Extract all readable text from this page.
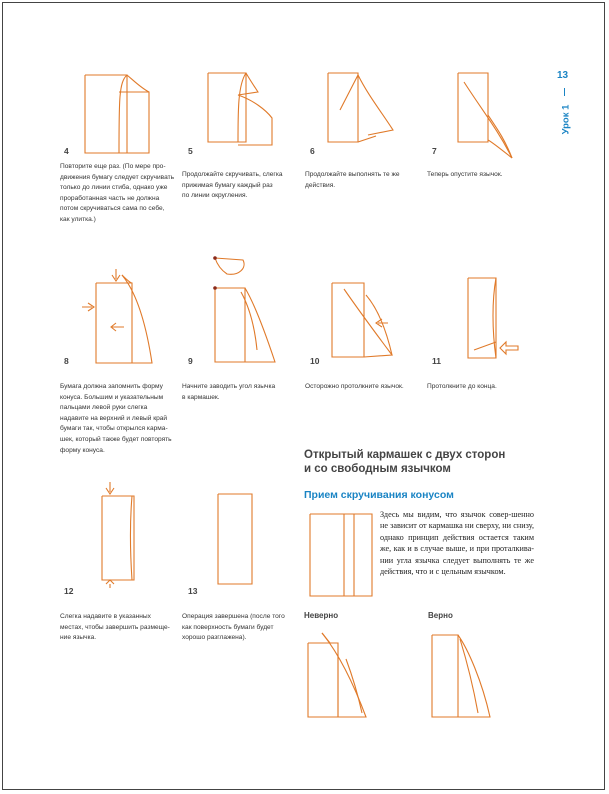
13
Урок 1
4
Повторите еще раз. (По мере про-
движения бумагу следует скручивать
только до линии стиба, однако уже
проработанная часть не должна
потом скручиваться сама по себе,
как улитка.)
5
Продолжайте скручивать, слегка
прижимая бумагу каждый раз
по линии округления.
6
Продолжайте выполнять те же
действия.
7
Теперь опустите язычок.
8
Бумага должна запомнить форму
конуса. Большим и указательным
пальцами левой руки слегка
надавите на верхний и левый край
бумаги так, чтобы открылся карма-
шек, который также будет повторять
форму конуса.
9
Начните заводить угол язычка
в кармашек.
10
Осторожно протолкните язычок.
11
Протолкните до конца.
12
Слегка надавите в указанных
местах, чтобы завершить размеще-
ние язычка.
13
Операция завершена (после того
как поверхность бумаги будет
хорошо разглажена).
Открытый кармашек с двух сторон
и со свободным язычком
Прием скручивания конусом
Здесь мы видим, что язычок совер-шенно не зависит от кармашка ни сверху, ни снизу, однако принцип действия остается таким же, как и в случае выше, и при проталкива-нии угла язычка следует выполнять те же действия, что и с цельным язычком.
Неверно	Верно
